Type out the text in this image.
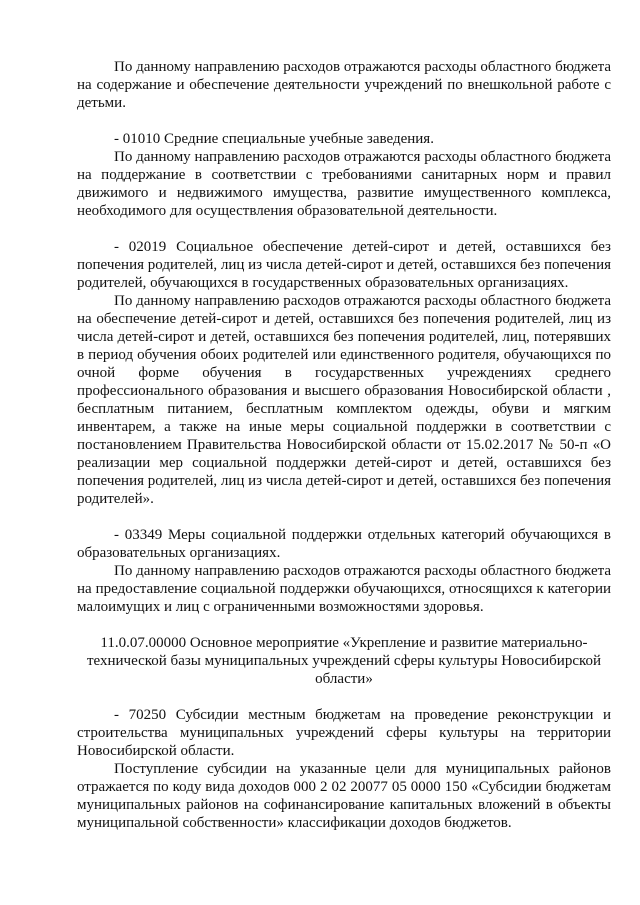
По данному направлению расходов отражаются расходы областного бюджета на содержание и обеспечение деятельности учреждений по внешкольной работе с детьми.

- 01010 Средние специальные учебные заведения.

По данному направлению расходов отражаются расходы областного бюджета на поддержание в соответствии с требованиями санитарных норм и правил движимого и недвижимого имущества, развитие имущественного комплекса, необходимого для осуществления образовательной деятельности.

- 02019 Социальное обеспечение детей-сирот и детей, оставшихся без попечения родителей, лиц из числа детей-сирот и детей, оставшихся без попечения родителей, обучающихся в государственных образовательных организациях.

По данному направлению расходов отражаются расходы областного бюджета на обеспечение детей-сирот и детей, оставшихся без попечения родителей, лиц из числа детей-сирот и детей, оставшихся без попечения родителей, лиц, потерявших в период обучения обоих родителей или единственного родителя, обучающихся по очной форме обучения в государственных учреждениях среднего профессионального образования и высшего образования Новосибирской области , бесплатным питанием, бесплатным комплектом одежды, обуви и мягким инвентарем, а также на иные меры социальной поддержки в соответствии с постановлением Правительства Новосибирской области от 15.02.2017 № 50-п «О реализации мер социальной поддержки детей-сирот и детей, оставшихся без попечения родителей, лиц из числа детей-сирот и детей, оставшихся без попечения родителей».

- 03349 Меры социальной поддержки отдельных категорий обучающихся в образовательных организациях.

По данному направлению расходов отражаются расходы областного бюджета на предоставление социальной поддержки обучающихся, относящихся к категории малоимущих и лиц с ограниченными возможностями здоровья.

11.0.07.00000 Основное мероприятие «Укрепление и развитие материально-технической базы муниципальных учреждений сферы культуры Новосибирской области»

- 70250 Субсидии местным бюджетам на проведение реконструкции и строительства муниципальных учреждений сферы культуры на территории Новосибирской области.

Поступление субсидии на указанные цели для муниципальных районов отражается по коду вида доходов 000 2 02 20077 05 0000 150 «Субсидии бюджетам муниципальных районов на софинансирование капитальных вложений в объекты муниципальной собственности» классификации доходов бюджетов.
